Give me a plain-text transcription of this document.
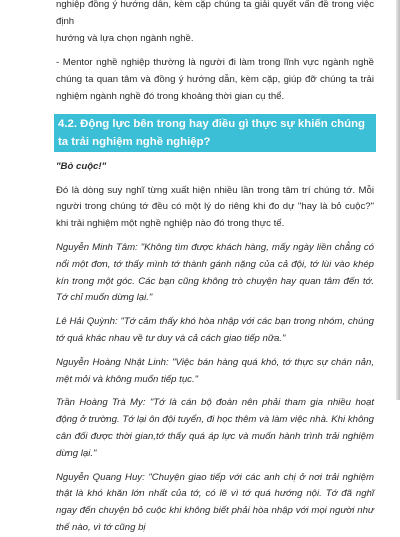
nghiệp đồng ý hướng dẫn, kèm cặp chúng ta giải quyết vấn đề trong việc định
hướng và lựa chọn ngành nghề.

- Mentor nghề nghiệp thường là người đi làm trong lĩnh vực ngành nghề chúng ta quan tâm và đồng ý hướng dẫn, kèm cặp, giúp đỡ chúng ta trải nghiệm ngành nghề đó trong khoảng thời gian cụ thể.

4.2. Động lực bên trong hay điều gì thực sự khiến chúng ta trải nghiệm nghề nghiệp?

"Bỏ cuộc!"

Đó là dòng suy nghĩ từng xuất hiện nhiều lần trong tâm trí chúng tớ. Mỗi người trong chúng tớ đều có một lý do riêng khi đo dự "hay là bỏ cuộc?" khi trải nghiệm một nghề nghiệp nào đó trong thực tế.

Nguyễn Minh Tâm: "Không tìm được khách hàng, mấy ngày liền chẳng có nổi một đơn, tớ thấy mình tớ thành gánh nặng của cả đội, tớ lùi vào khép kín trong một góc. Các bạn cũng không trò chuyện hay quan tâm đến tớ. Tớ chỉ muốn dừng lại."

Lê Hải Quỳnh: "Tớ cảm thấy khó hòa nhập với các bạn trong nhóm, chúng tớ quá khác nhau về tư duy và cả cách giao tiếp nữa."

Nguyễn Hoàng Nhật Linh: "Việc bán hàng quá khó, tớ thực sự chán nản, mệt mỏi và không muốn tiếp tục."

Trần Hoàng Trà My: "Tớ là cán bộ đoàn nên phải tham gia nhiều hoạt động ở trường. Tớ lại ôn đội tuyển, đi học thêm và làm việc nhà. Khi không cân đối được thời gian,tớ thấy quá áp lực và muốn hành trình trải nghiệm dừng lại."

Nguyễn Quang Huy: "Chuyện giao tiếp với các anh chị ở nơi trải nghiệm thật là khó khăn lớn nhất của tớ, có lẽ vì tớ quá hướng nội. Tớ đã nghĩ ngay đến chuyện bỏ cuộc khi không biết phải hòa nhập với mọi người như thế nào, vì tớ cũng bị
